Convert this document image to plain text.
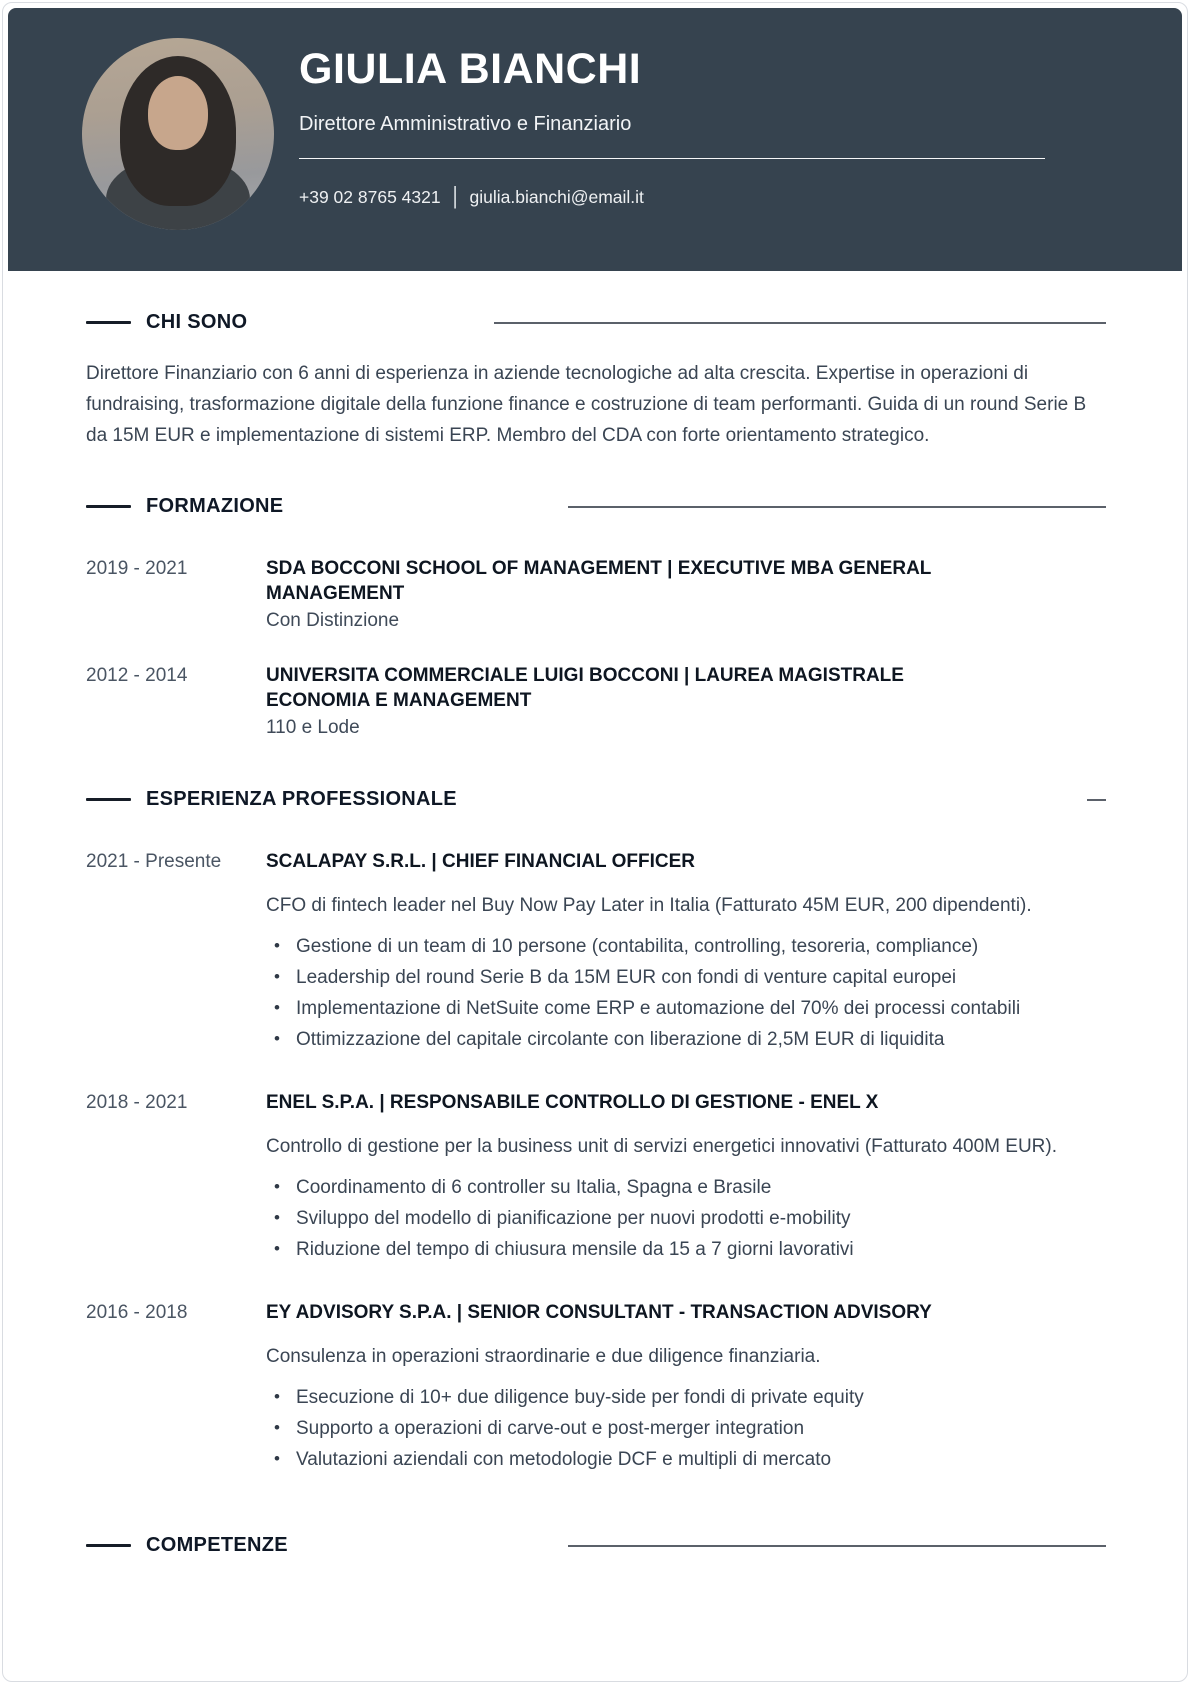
GIULIA BIANCHI
Direttore Amministrativo e Finanziario
+39 02 8765 4321 | giulia.bianchi@email.it
CHI SONO

Direttore Finanziario con 6 anni di esperienza in aziende tecnologiche ad alta crescita. Expertise in operazioni di fundraising, trasformazione digitale della funzione finance e costruzione di team performanti. Guida di un round Serie B da 15M EUR e implementazione di sistemi ERP. Membro del CDA con forte orientamento strategico.

FORMAZIONE
2019 - 2021	SDA BOCCONI SCHOOL OF MANAGEMENT | EXECUTIVE MBA GENERAL MANAGEMENT
Con Distinzione
2012 - 2014	UNIVERSITA COMMERCIALE LUIGI BOCCONI | LAUREA MAGISTRALE ECONOMIA E MANAGEMENT
110 e Lode
ESPERIENZA PROFESSIONALE
2021 - Presente	SCALAPAY S.R.L. | CHIEF FINANCIAL OFFICER
CFO di fintech leader nel Buy Now Pay Later in Italia (Fatturato 45M EUR, 200 dipendenti).
• Gestione di un team di 10 persone (contabilita, controlling, tesoreria, compliance)
• Leadership del round Serie B da 15M EUR con fondi di venture capital europei
• Implementazione di NetSuite come ERP e automazione del 70% dei processi contabili
• Ottimizzazione del capitale circolante con liberazione di 2,5M EUR di liquidita
2018 - 2021	ENEL S.P.A. | RESPONSABILE CONTROLLO DI GESTIONE - ENEL X
Controllo di gestione per la business unit di servizi energetici innovativi (Fatturato 400M EUR).
• Coordinamento di 6 controller su Italia, Spagna e Brasile
• Sviluppo del modello di pianificazione per nuovi prodotti e-mobility
• Riduzione del tempo di chiusura mensile da 15 a 7 giorni lavorativi
2016 - 2018	EY ADVISORY S.P.A. | SENIOR CONSULTANT - TRANSACTION ADVISORY
Consulenza in operazioni straordinarie e due diligence finanziaria.
• Esecuzione di 10+ due diligence buy-side per fondi di private equity
• Supporto a operazioni di carve-out e post-merger integration
• Valutazioni aziendali con metodologie DCF e multipli di mercato
COMPETENZE
